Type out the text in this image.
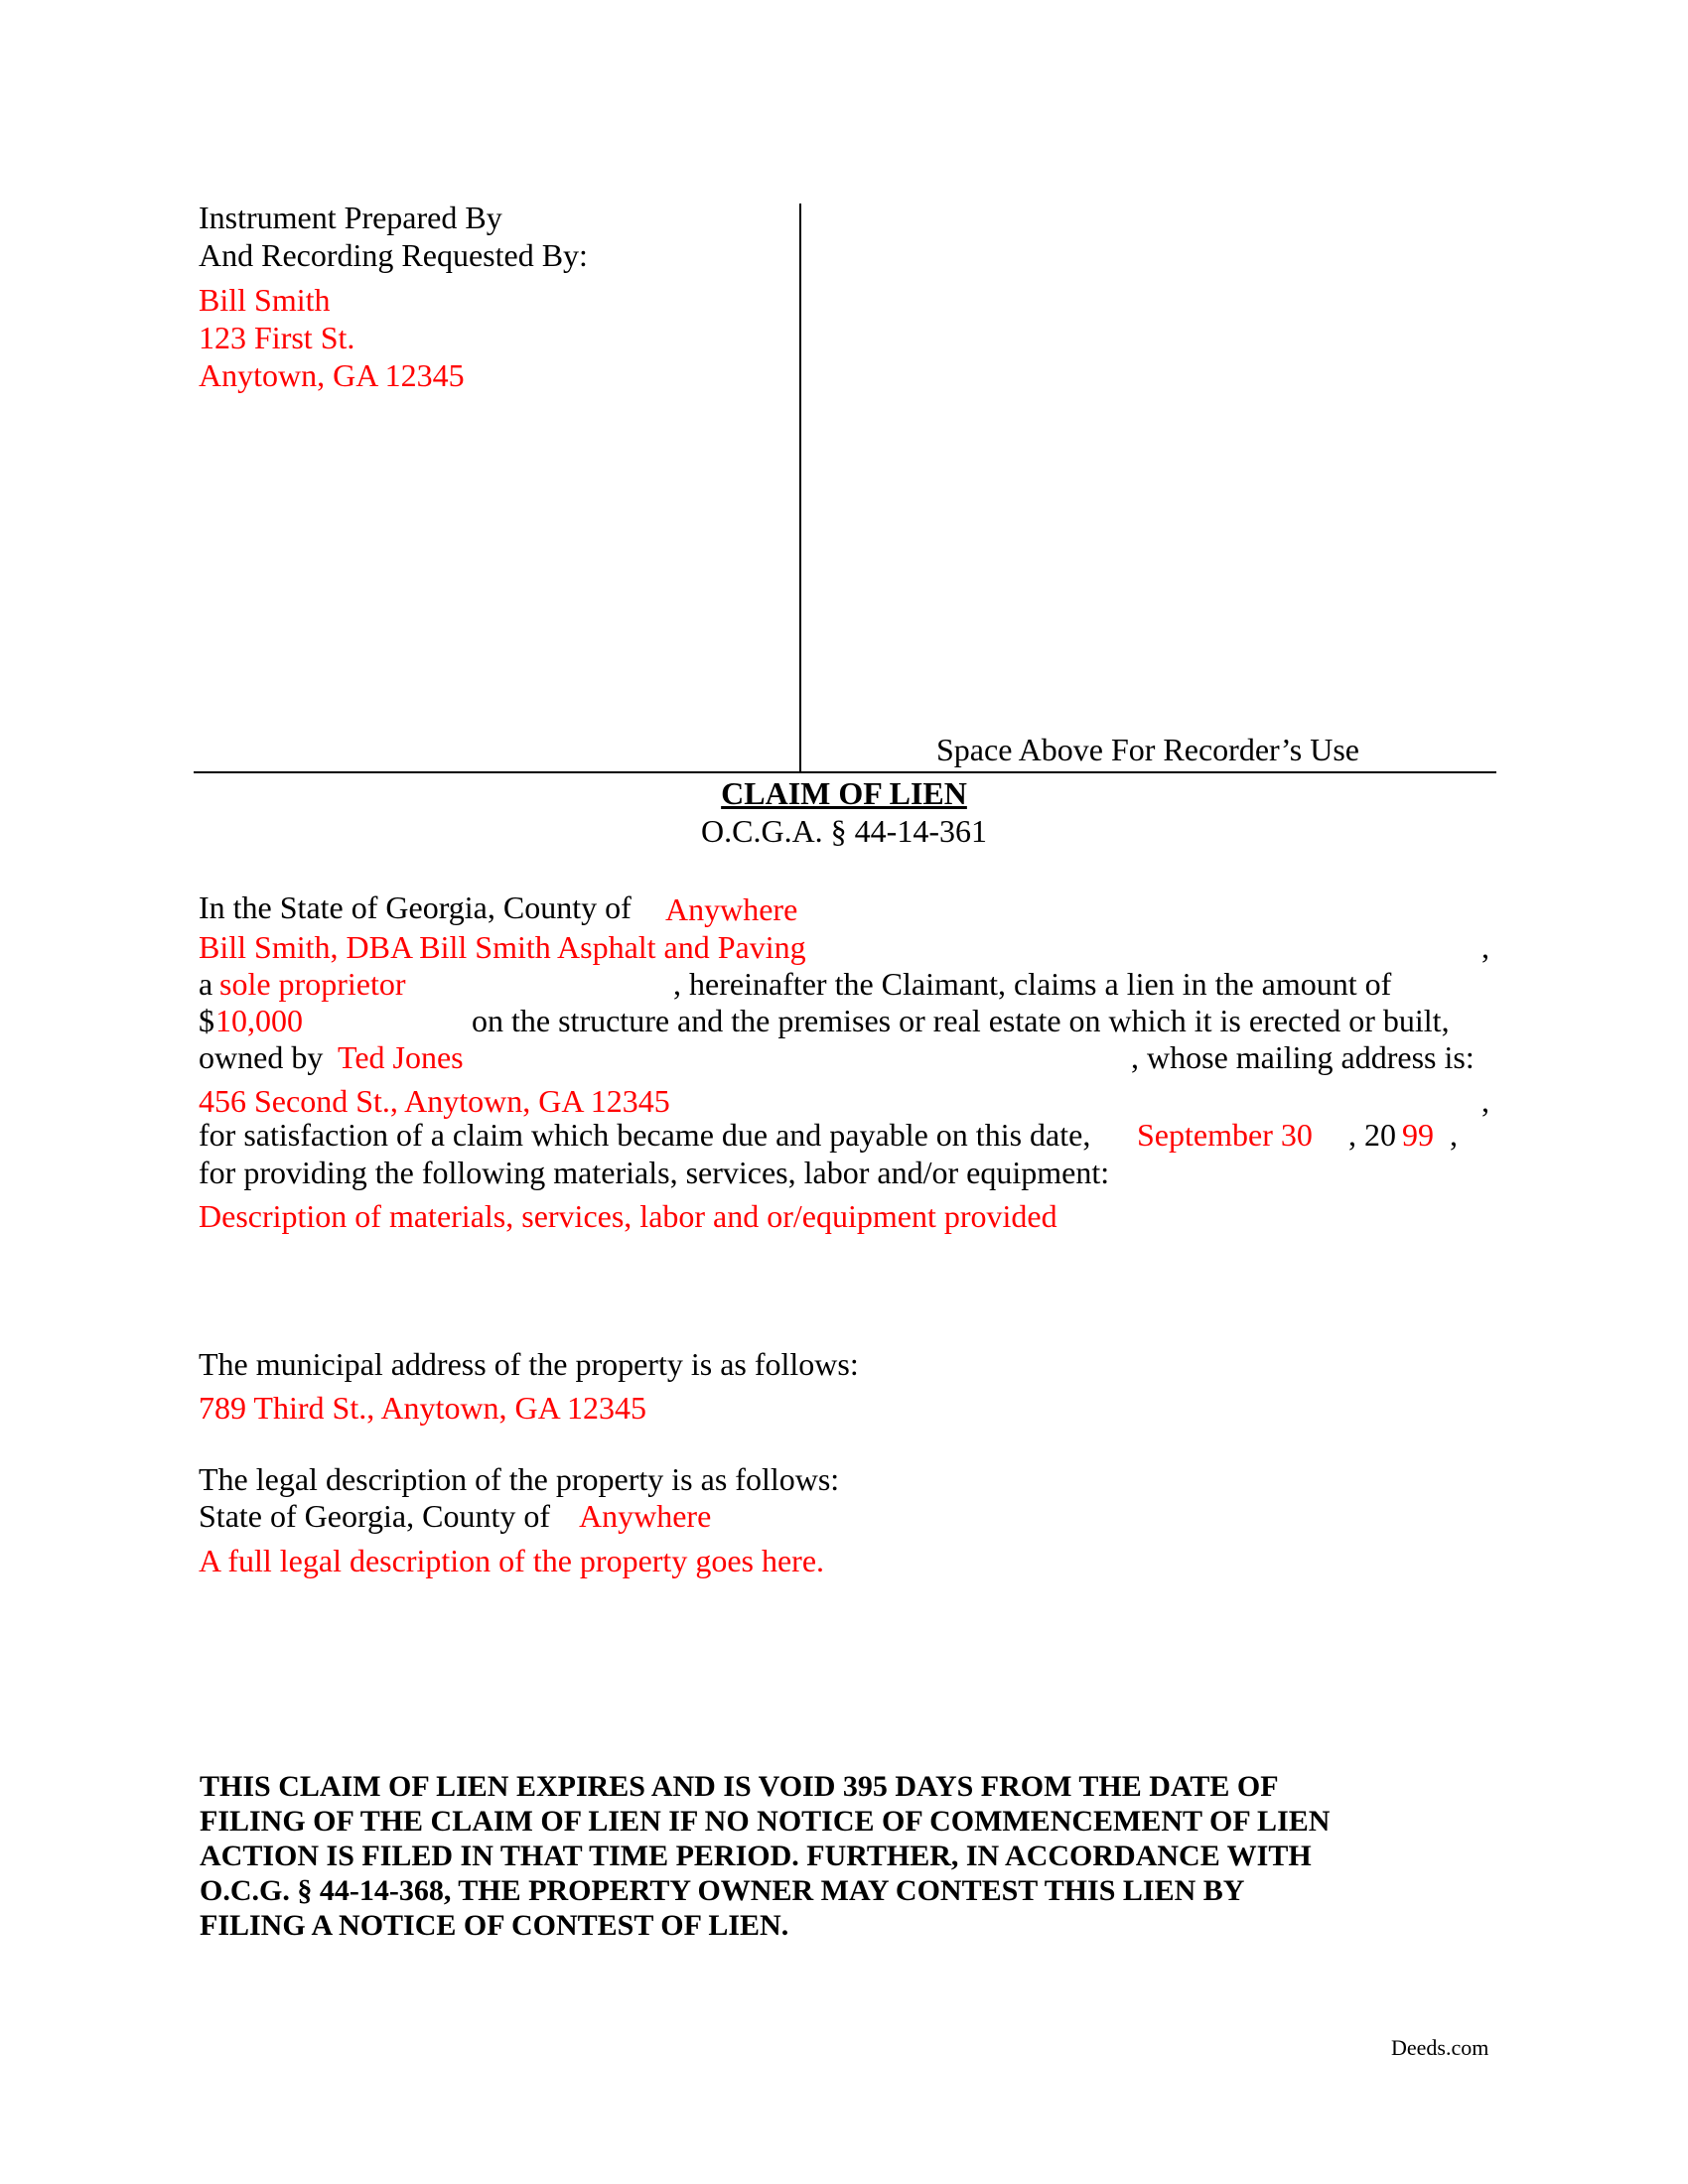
Instrument Prepared By
And Recording Requested By:
Bill Smith
123 First St.
Anytown, GA 12345
Space Above For Recorder’s Use
CLAIM OF LIEN
O.C.G.A. § 44-14-361
In the State of Georgia, County of Anywhere
Bill Smith, DBA Bill Smith Asphalt and Paving	,
a sole proprietor	, hereinafter the Claimant, claims a lien in the amount of
$ 10,000	on the structure and the premises or real estate on which it is erected or built,
owned by Ted Jones	, whose mailing address is:
456 Second St., Anytown, GA 12345	,
for satisfaction of a claim which became due and payable on this date, September 30 , 20 99 ,
for providing the following materials, services, labor and/or equipment:
Description of materials, services, labor and or/equipment provided
The municipal address of the property is as follows:
789 Third St., Anytown, GA 12345
The legal description of the property is as follows:
State of Georgia, County of Anywhere
A full legal description of the property goes here.
THIS CLAIM OF LIEN EXPIRES AND IS VOID 395 DAYS FROM THE DATE OF
FILING OF THE CLAIM OF LIEN IF NO NOTICE OF COMMENCEMENT OF LIEN
ACTION IS FILED IN THAT TIME PERIOD. FURTHER, IN ACCORDANCE WITH
O.C.G. § 44-14-368, THE PROPERTY OWNER MAY CONTEST THIS LIEN BY
FILING A NOTICE OF CONTEST OF LIEN.
Deeds.com
